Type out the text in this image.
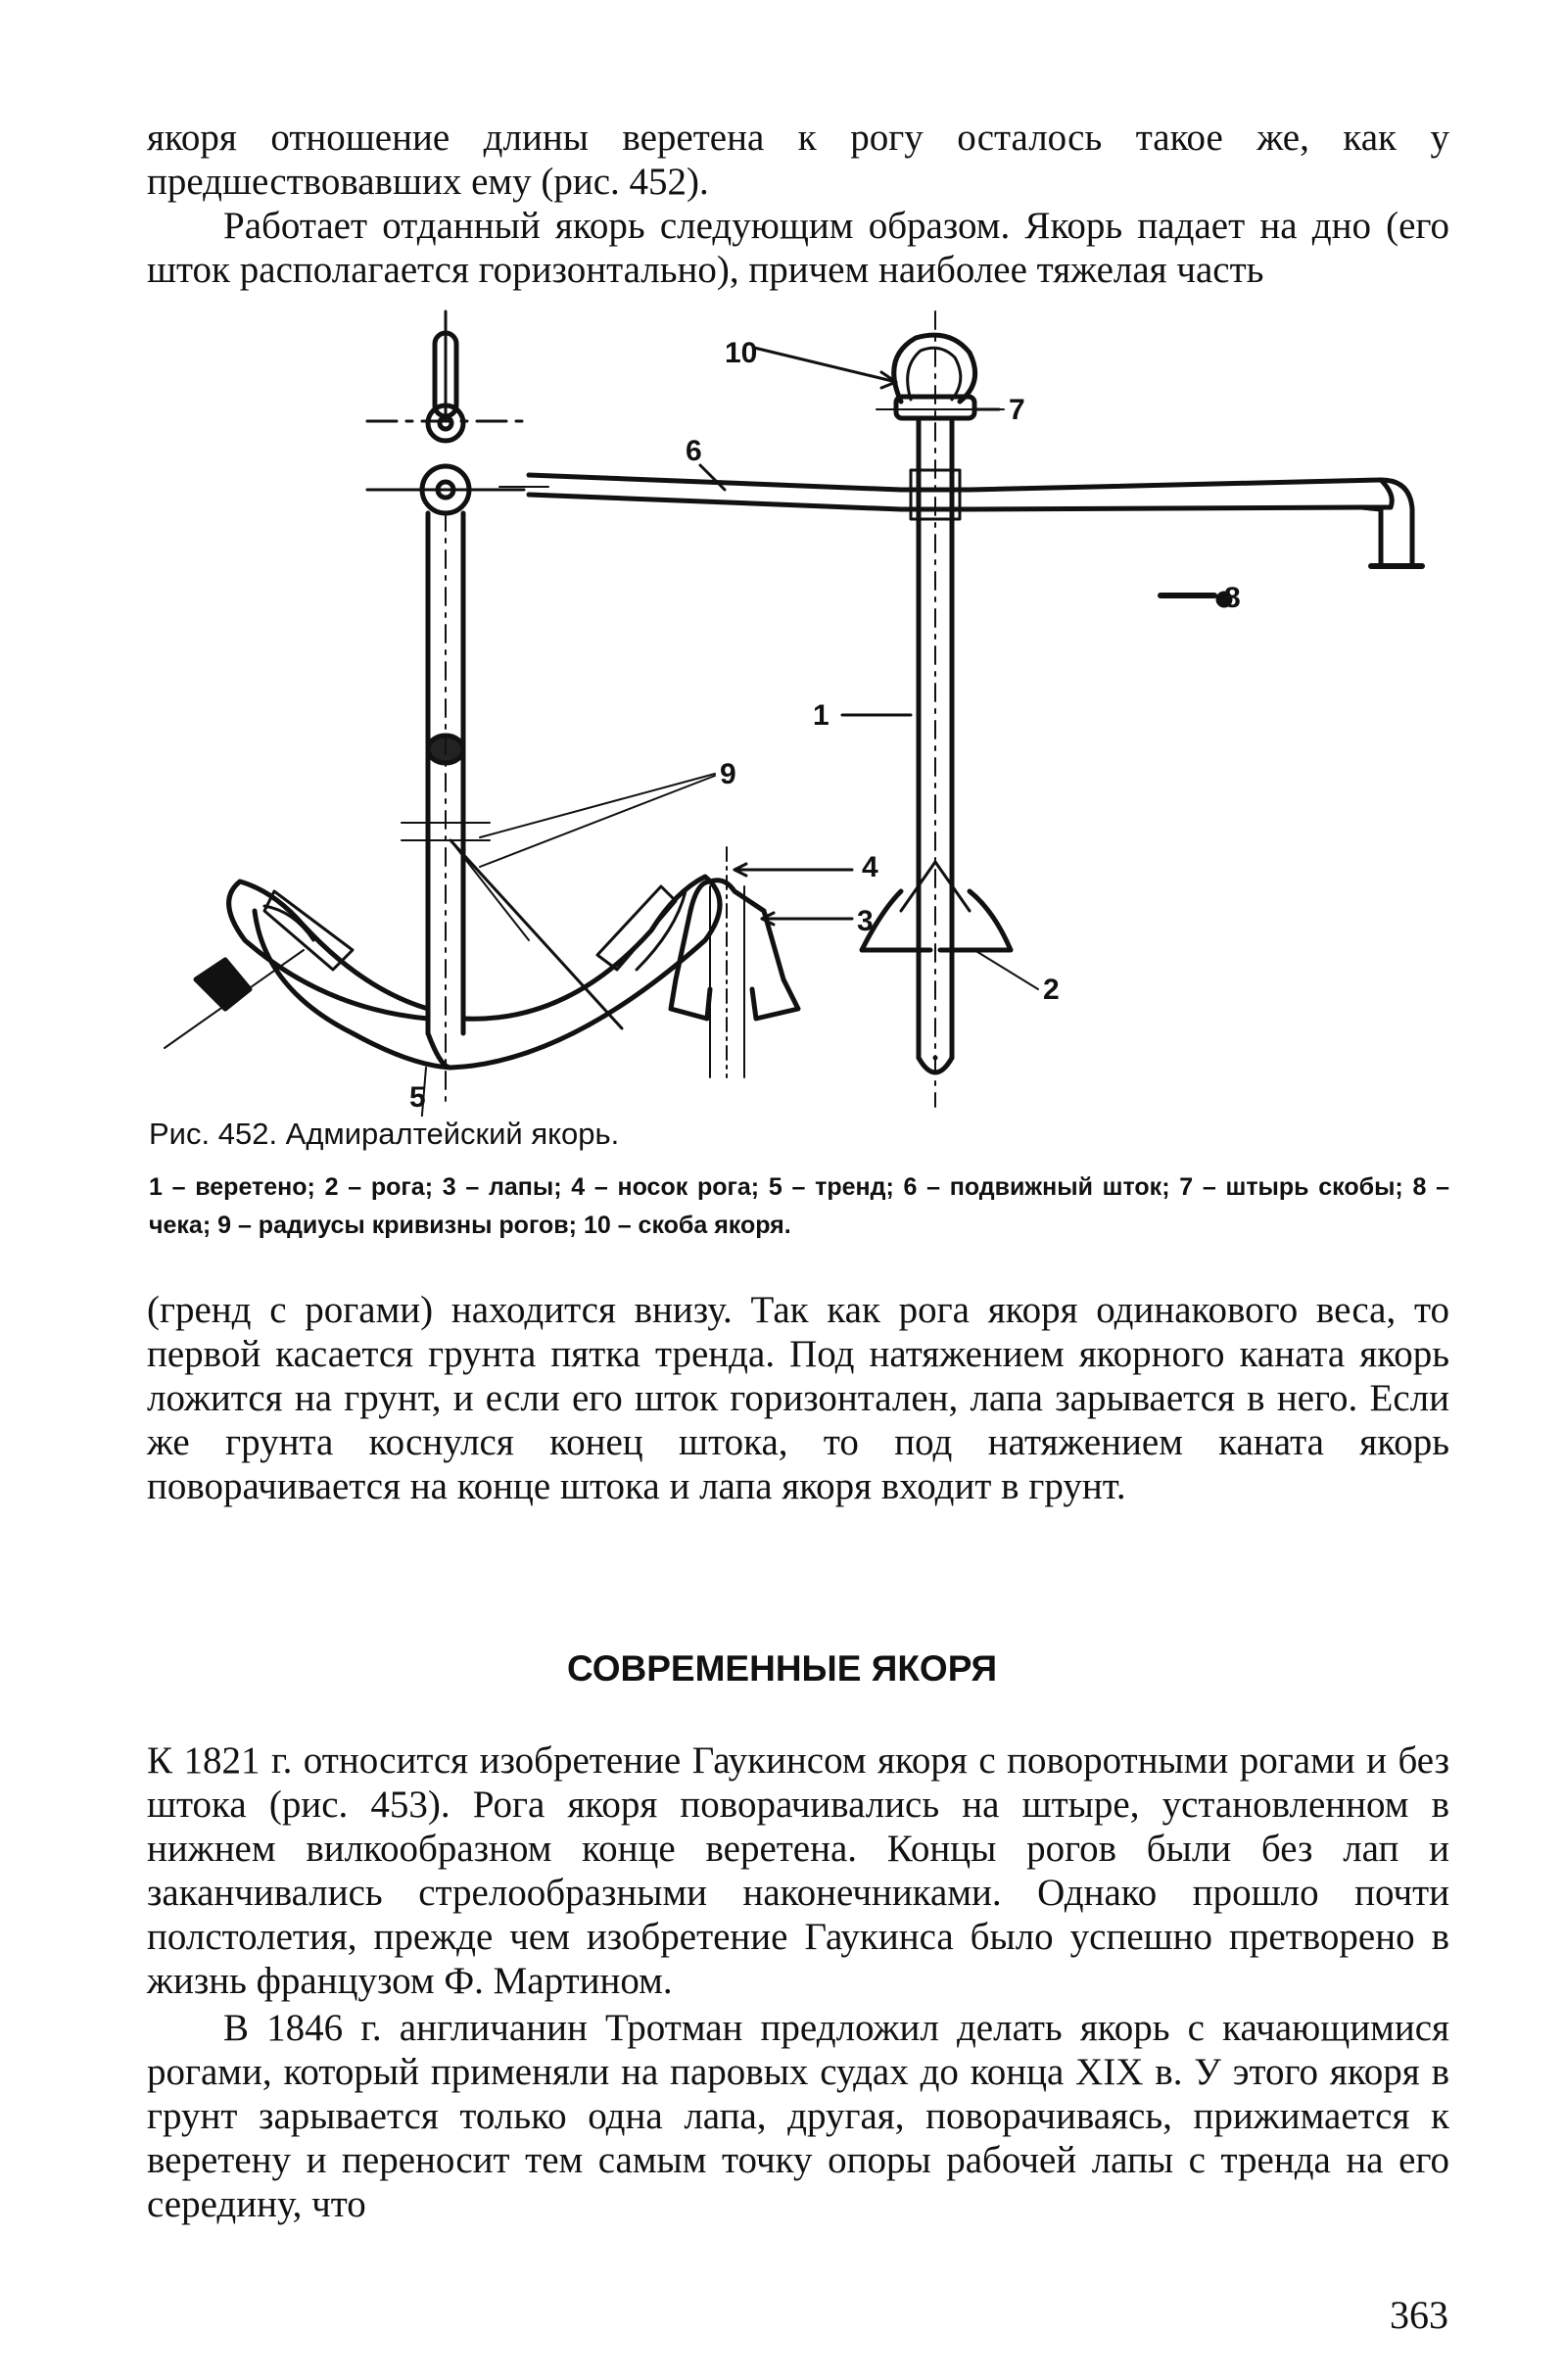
якоря отношение длины веретена к рогу осталось такое же, как у предшествовавших ему (рис. 452).

Работает отданный якорь следующим образом. Якорь падает на дно (его шток располагается горизонтально), причем наиболее тяжелая часть

7
8
10
6
1
4
3
2
9
5
Рис. 452. Адмиралтейский якорь.
1 – веретено; 2 – рога; 3 – лапы; 4 – носок рога; 5 – тренд; 6 – подвижный шток; 7 – штырь скобы; 8 – чека; 9 – радиусы кривизны рогов; 10 – скоба якоря.

(гренд с рогами) находится внизу. Так как рога якоря одинакового веса, то первой касается грунта пятка тренда. Под натяжением якорного каната якорь ложится на грунт, и если его шток горизонтален, лапа зарывается в него. Если же грунта коснулся конец штока, то под натяжением каната якорь поворачивается на конце штока и лапа якоря входит в грунт.

СОВРЕМЕННЫЕ ЯКОРЯ

К 1821 г. относится изобретение Гаукинсом якоря с поворотными рогами и без штока (рис. 453). Рога якоря поворачивались на штыре, установленном в нижнем вилкообразном конце веретена. Концы рогов были без лап и заканчивались стрелообразными наконечниками. Однако прошло почти полстолетия, прежде чем изобретение Гаукинса было успешно претворено в жизнь французом Ф. Мартином.

В 1846 г. англичанин Тротман предложил делать якорь с качающимися рогами, который применяли на паровых судах до конца XIX в. У этого якоря в грунт зарывается только одна лапа, другая, поворачиваясь, прижимается к веретену и переносит тем самым точку опоры рабочей лапы с тренда на его середину, что

363
